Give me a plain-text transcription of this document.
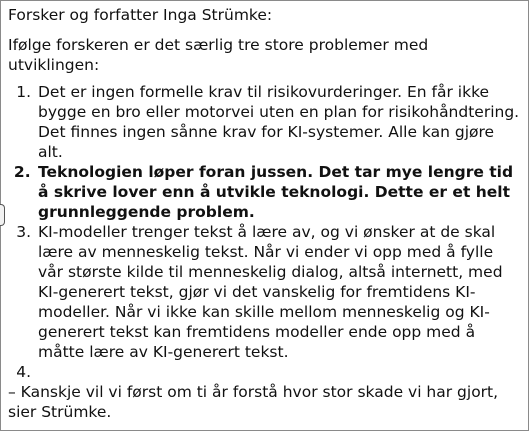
Forsker og forfatter Inga Strümke:

Ifølge forskeren er det særlig tre store problemer med utviklingen:

1. Det er ingen formelle krav til risikovurderinger. En får ikke bygge en bro eller motorvei uten en plan for risikohåndtering. Det finnes ingen sånne krav for KI-systemer. Alle kan gjøre alt.
2. Teknologien løper foran jussen. Det tar mye lengre tid å skrive lover enn å utvikle teknologi. Dette er et helt grunnleggende problem.
3. KI-modeller trenger tekst å lære av, og vi ønsker at de skal lære av menneskelig tekst. Når vi ender vi opp med å fylle vår største kilde til menneskelig dialog, altså internett, med KI-generert tekst, gjør vi det vanskelig for fremtidens KI-modeller. Når vi ikke kan skille mellom menneskelig og KI-generert tekst kan fremtidens modeller ende opp med å måtte lære av KI-generert tekst.
4.

– Kanskje vil vi først om ti år forstå hvor stor skade vi har gjort, sier Strümke.
